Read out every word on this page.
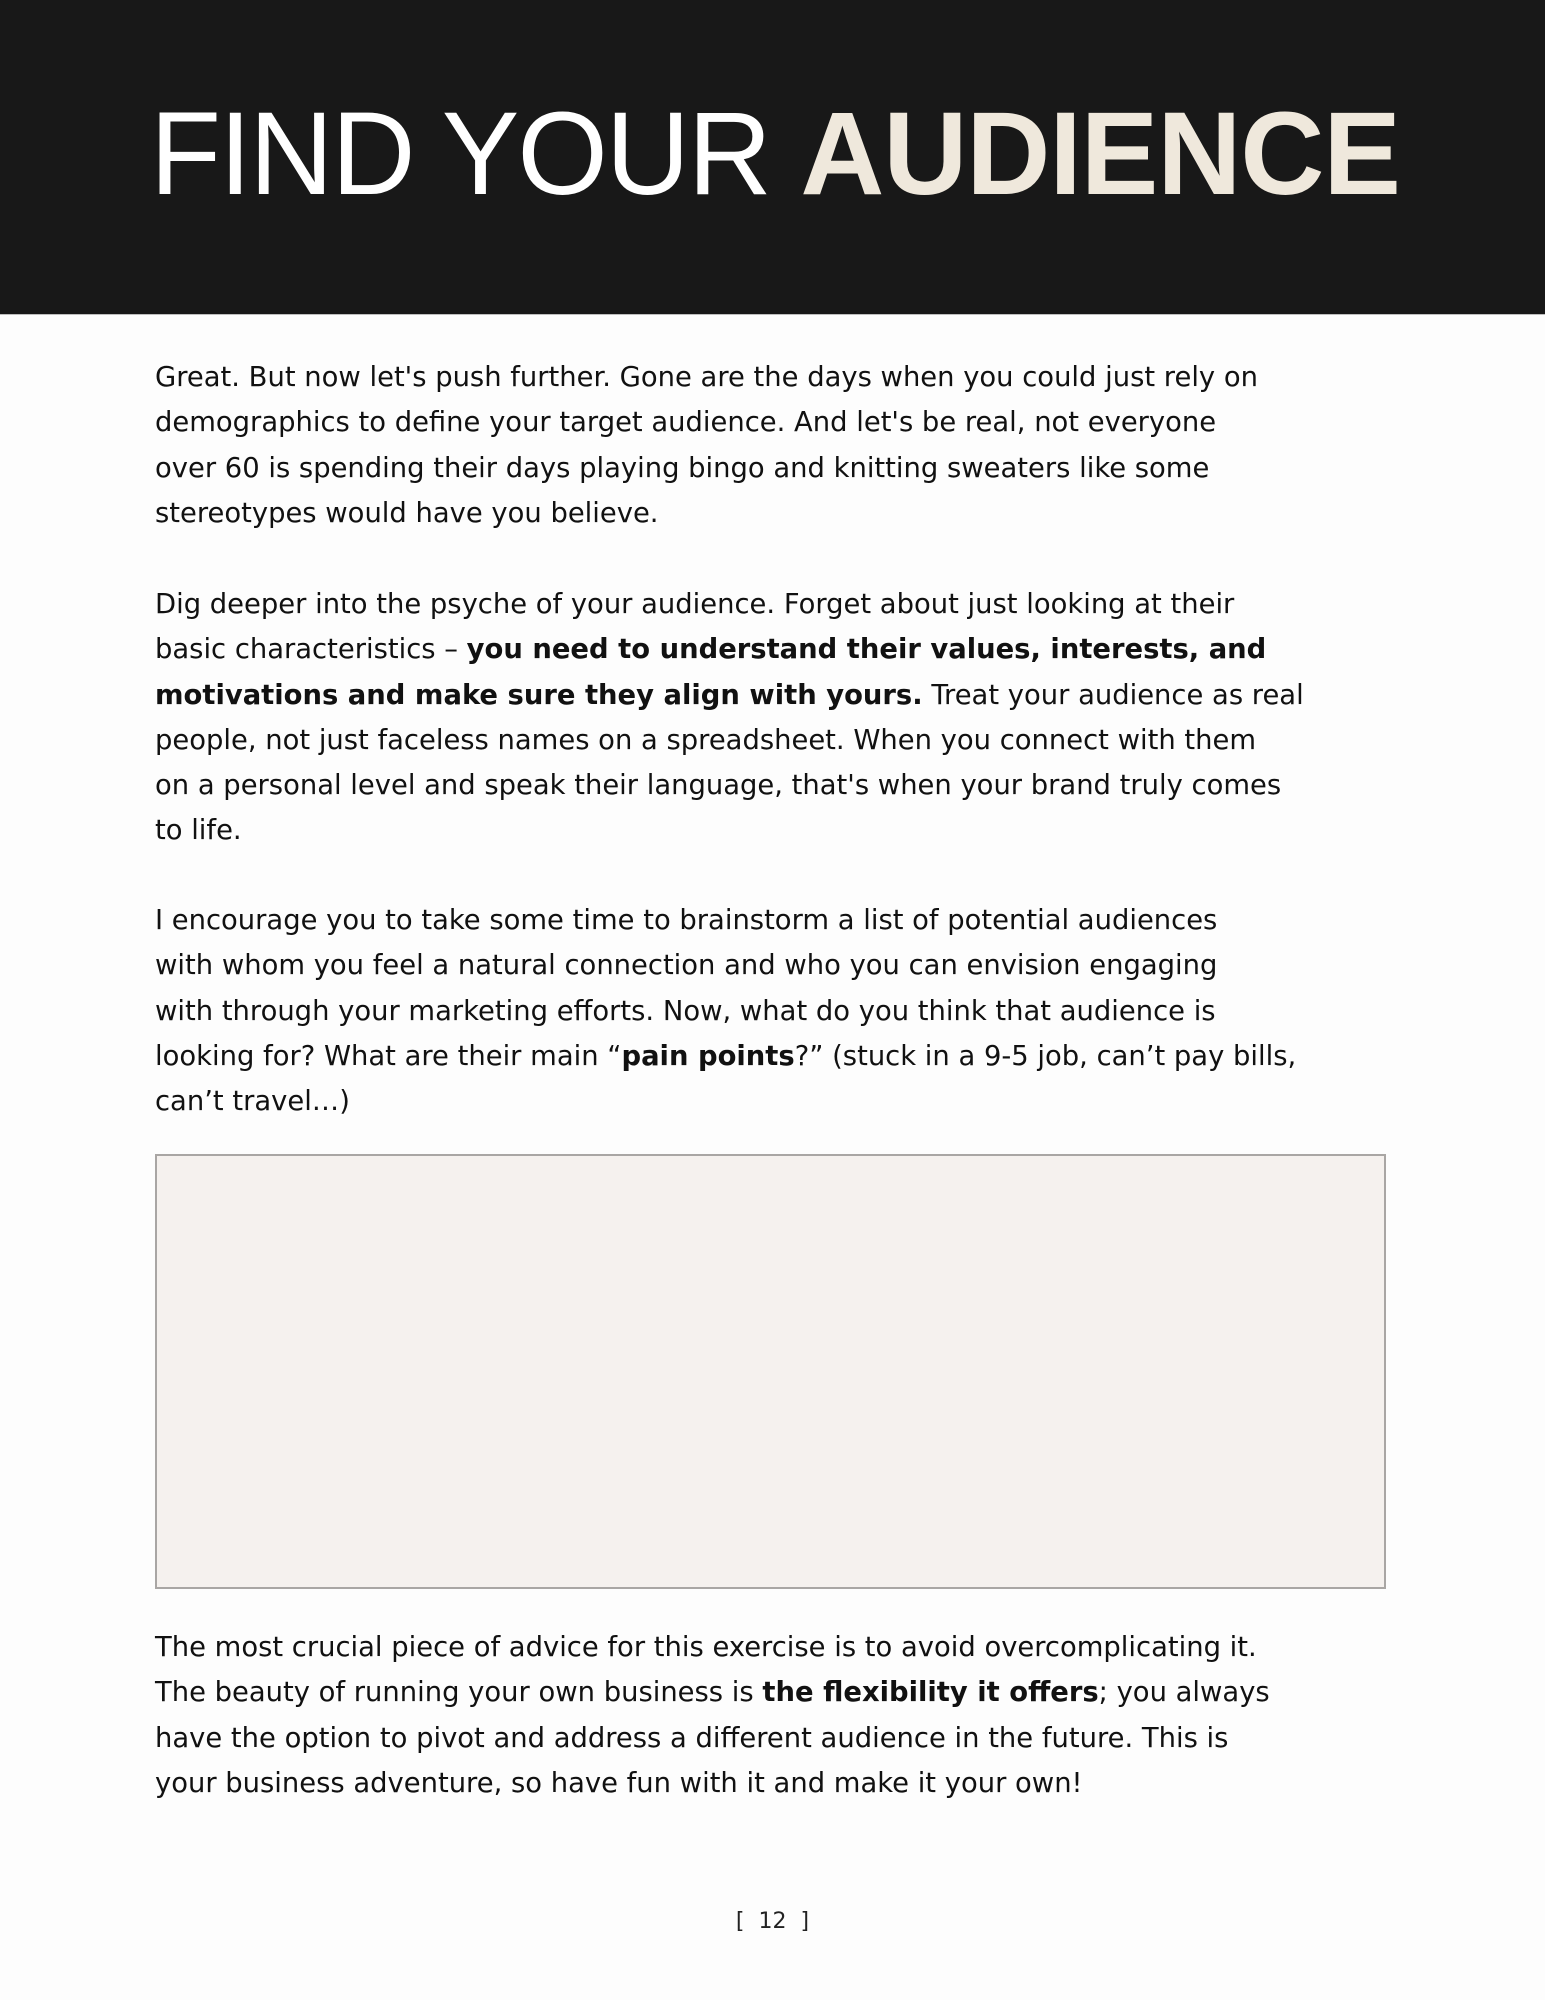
FIND YOUR AUDIENCE
Great. But now let's push further. Gone are the days when you could just rely on
demographics to define your target audience. And let's be real, not everyone
over 60 is spending their days playing bingo and knitting sweaters like some
stereotypes would have you believe.
Dig deeper into the psyche of your audience. Forget about just looking at their
basic characteristics – you need to understand their values, interests, and
motivations and make sure they align with yours. Treat your audience as real
people, not just faceless names on a spreadsheet. When you connect with them
on a personal level and speak their language, that's when your brand truly comes
to life.
I encourage you to take some time to brainstorm a list of potential audiences
with whom you feel a natural connection and who you can envision engaging
with through your marketing efforts. Now, what do you think that audience is
looking for? What are their main “pain points?” (stuck in a 9-5 job, can’t pay bills,
can’t travel…)
The most crucial piece of advice for this exercise is to avoid overcomplicating it.
The beauty of running your own business is the flexibility it offers; you always
have the option to pivot and address a different audience in the future. This is
your business adventure, so have fun with it and make it your own!
[  12  ]
